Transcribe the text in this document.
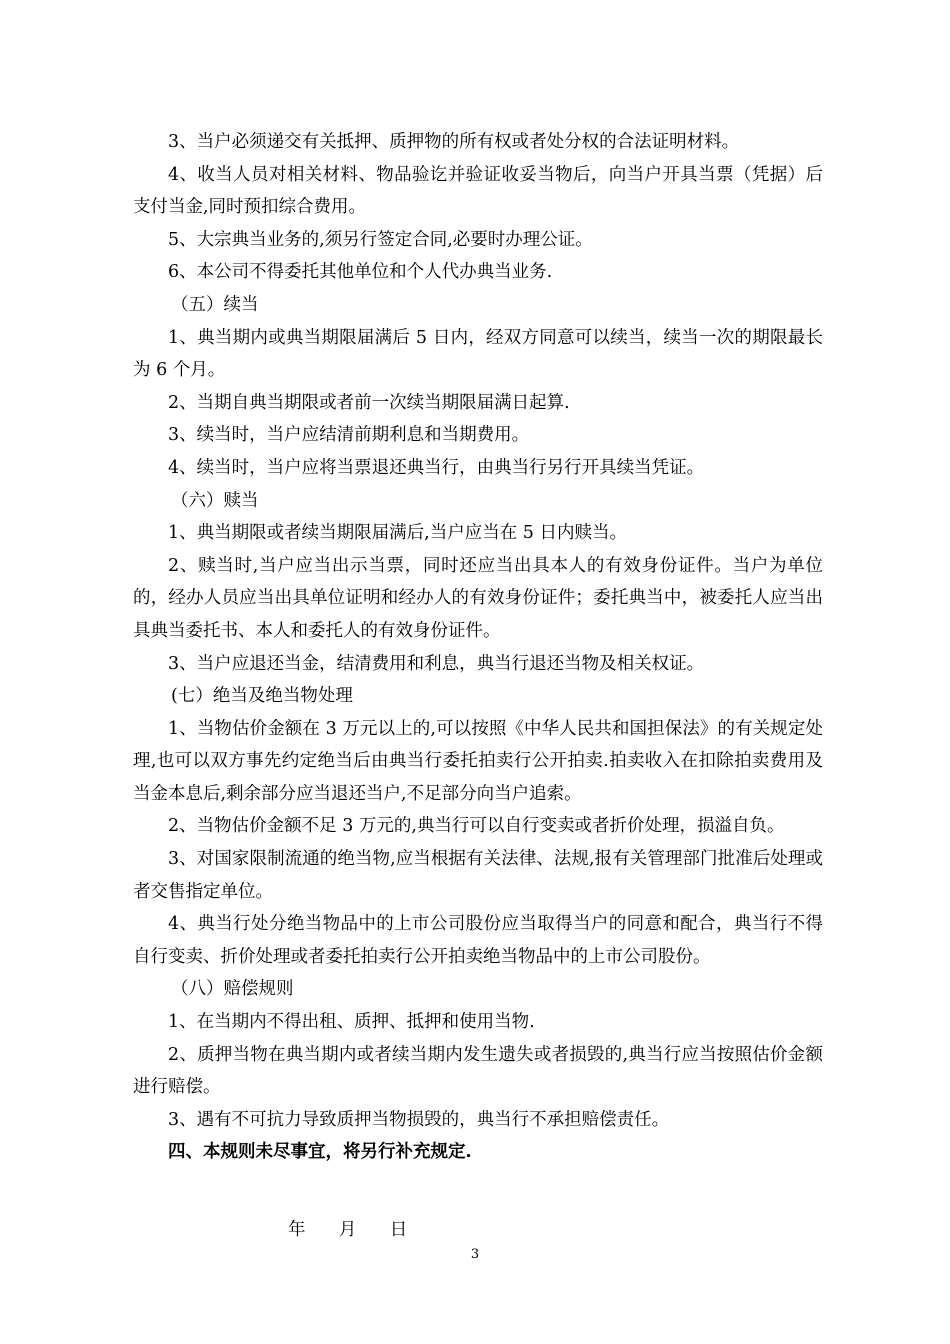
3、当户必须递交有关抵押、质押物的所有权或者处分权的合法证明材料。

4、收当人员对相关材料、物品验讫并验证收妥当物后，向当户开具当票（凭据）后支付当金,同时预扣综合费用。

5、大宗典当业务的,须另行签定合同,必要时办理公证。

6、本公司不得委托其他单位和个人代办典当业务.

（五）续当

1、典当期内或典当期限届满后 5 日内，经双方同意可以续当，续当一次的期限最长为 6 个月。

2、当期自典当期限或者前一次续当期限届满日起算.

3、续当时，当户应结清前期利息和当期费用。

4、续当时，当户应将当票退还典当行，由典当行另行开具续当凭证。

（六）赎当

1、典当期限或者续当期限届满后,当户应当在 5 日内赎当。

2、赎当时,当户应当出示当票，同时还应当出具本人的有效身份证件。当户为单位的，经办人员应当出具单位证明和经办人的有效身份证件；委托典当中，被委托人应当出具典当委托书、本人和委托人的有效身份证件。

3、当户应退还当金，结清费用和利息，典当行退还当物及相关权证。

(七）绝当及绝当物处理

1、当物估价金额在 3 万元以上的,可以按照《中华人民共和国担保法》的有关规定处理,也可以双方事先约定绝当后由典当行委托拍卖行公开拍卖.拍卖收入在扣除拍卖费用及当金本息后,剩余部分应当退还当户,不足部分向当户追索。

2、当物估价金额不足 3 万元的,典当行可以自行变卖或者折价处理，损溢自负。

3、对国家限制流通的绝当物,应当根据有关法律、法规,报有关管理部门批准后处理或者交售指定单位。

4、典当行处分绝当物品中的上市公司股份应当取得当户的同意和配合，典当行不得自行变卖、折价处理或者委托拍卖行公开拍卖绝当物品中的上市公司股份。

（八）赔偿规则

1、在当期内不得出租、质押、抵押和使用当物.

2、质押当物在典当期内或者续当期内发生遗失或者损毁的,典当行应当按照估价金额进行赔偿。

3、遇有不可抗力导致质押当物损毁的，典当行不承担赔偿责任。

四、本规则未尽事宜，将另行补充规定.

年      月      日
3
